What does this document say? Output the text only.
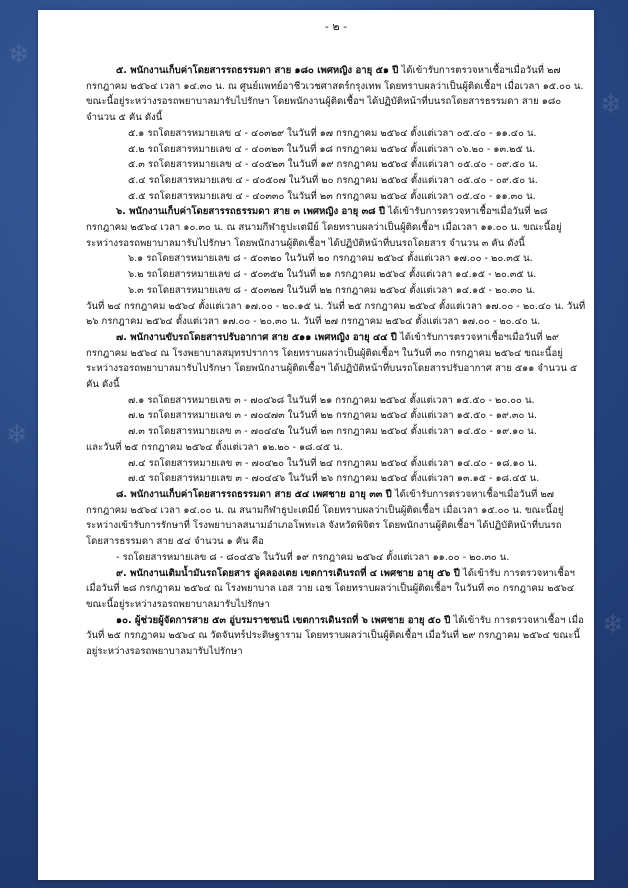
❄
❄
❄
❄
- ๒ -

๕. พนักงานเก็บค่าโดยสารรถธรรมดา สาย ๑๘๐ เพศหญิง อายุ ๕๑ ปี ได้เข้ารับการตรวจหาเชื้อฯเมื่อวันที่ ๒๗ กรกฎาคม ๒๕๖๔ เวลา ๑๔.๓๐ น. ณ ศูนย์แพทย์อาชีวเวชศาสตร์กรุงเทพ โดยทราบผลว่าเป็นผู้ติดเชื้อฯ เมื่อเวลา ๑๕.๐๐ น. ขณะนี้อยู่ระหว่างรอรถพยาบาลมารับไปรักษา โดยพนักงานผู้ติดเชื้อฯ ได้ปฏิบัติหน้าที่บนรถโดยสารธรรมดา สาย ๑๘๐ จำนวน ๕ คัน ดังนี้

๕.๑ รถโดยสารหมายเลข ๔ - ๔๐๓๒๙ ในวันที่ ๑๗ กรกฎาคม ๒๕๖๔ ตั้งแต่เวลา ๐๕.๔๐ - ๑๑.๔๐ น.

๕.๒ รถโดยสารหมายเลข ๔ - ๔๐๓๒๓ ในวันที่ ๑๘ กรกฎาคม ๒๕๖๔ ตั้งแต่เวลา ๐๖.๒๐ - ๑๓.๒๕ น.

๕.๓ รถโดยสารหมายเลข ๔ - ๔๐๕๒๓ ในวันที่ ๑๙ กรกฎาคม ๒๕๖๔ ตั้งแต่เวลา ๐๕.๔๐ - ๐๙.๕๐ น.

๕.๔ รถโดยสารหมายเลข ๔ - ๔๐๕๐๗ ในวันที่ ๒๐ กรกฎาคม ๒๕๖๔ ตั้งแต่เวลา ๐๕.๔๐ - ๐๙.๕๐ น.

๕.๕ รถโดยสารหมายเลข ๔ - ๔๐๓๓๐ ในวันที่ ๒๓ กรกฎาคม ๒๕๖๔ ตั้งแต่เวลา ๐๕.๔๐ - ๑๑.๓๐ น.

๖. พนักงานเก็บค่าโดยสารรถธรรมดา สาย ๓ เพศหญิง อายุ ๓๘ ปี ได้เข้ารับการตรวจหาเชื้อฯเมื่อวันที่ ๒๘ กรกฎาคม ๒๕๖๔ เวลา ๑๐.๓๐ น. ณ สนามกีฬาธูปะเตมีย์ โดยทราบผลว่าเป็นผู้ติดเชื้อฯ เมื่อเวลา ๑๑.๐๐ น. ขณะนี้อยู่ระหว่างรอรถพยาบาลมารับไปรักษา โดยพนักงานผู้ติดเชื้อฯ ได้ปฏิบัติหน้าที่บนรถโดยสาร จำนวน ๓ คัน ดังนี้

๖.๑ รถโดยสารหมายเลข ๘ - ๕๐๓๒๐ ในวันที่ ๒๐ กรกฎาคม ๒๕๖๔ ตั้งแต่เวลา ๑๗.๐๐ - ๒๐.๓๕ น.

๖.๒ รถโดยสารหมายเลข ๘ - ๕๐๓๕๒ ในวันที่ ๒๑ กรกฎาคม ๒๕๖๔ ตั้งแต่เวลา ๑๔.๑๕ - ๒๐.๓๕ น.

๖.๓ รถโดยสารหมายเลข ๘ - ๕๐๓๒๗ ในวันที่ ๒๒ กรกฎาคม ๒๕๖๔ ตั้งแต่เวลา ๑๔.๑๕ - ๒๐.๓๐ น.

วันที่ ๒๔ กรกฎาคม ๒๕๖๔ ตั้งแต่เวลา ๑๗.๐๐ - ๒๐.๑๕ น. วันที่ ๒๕ กรกฎาคม ๒๕๖๔ ตั้งแต่เวลา ๑๗.๐๐ - ๒๐.๔๐ น. วันที่ ๒๖ กรกฎาคม ๒๕๖๔ ตั้งแต่เวลา ๑๗.๐๐ - ๒๐.๓๐ น. วันที่ ๒๗ กรกฎาคม ๒๕๖๔ ตั้งแต่เวลา ๑๗.๐๐ - ๒๐.๔๐ น.

๗. พนักงานขับรถโดยสารปรับอากาศ สาย ๕๑๑ เพศหญิง อายุ ๔๔ ปี ได้เข้ารับการตรวจหาเชื้อฯเมื่อวันที่ ๒๙ กรกฎาคม ๒๕๖๔ ณ โรงพยาบาลสมุทรปราการ โดยทราบผลว่าเป็นผู้ติดเชื้อฯ ในวันที่ ๓๐ กรกฎาคม ๒๕๖๔ ขณะนี้อยู่ระหว่างรอรถพยาบาลมารับไปรักษา โดยพนักงานผู้ติดเชื้อฯ ได้ปฏิบัติหน้าที่บนรถโดยสารปรับอากาศ สาย ๕๑๑ จำนวน ๕ คัน ดังนี้

๗.๑ รถโดยสารหมายเลข ๓ - ๗๐๔๖๘ ในวันที่ ๒๑ กรกฎาคม ๒๕๖๔ ตั้งแต่เวลา ๑๕.๕๐ - ๒๐.๐๐ น.

๗.๒ รถโดยสารหมายเลข ๓ - ๗๐๔๗๓ ในวันที่ ๒๒ กรกฎาคม ๒๕๖๔ ตั้งแต่เวลา ๑๕.๕๐ - ๑๙.๓๐ น.

๗.๓ รถโดยสารหมายเลข ๓ - ๗๐๔๔๒ ในวันที่ ๒๓ กรกฎาคม ๒๕๖๔ ตั้งแต่เวลา ๑๔.๕๐ - ๑๙.๑๐ น.

และวันที่ ๒๕ กรกฎาคม ๒๕๖๔ ตั้งแต่เวลา ๑๒.๒๐ - ๑๘.๔๕ น.

๗.๔ รถโดยสารหมายเลข ๓ - ๗๐๔๒๐ ในวันที่ ๒๔ กรกฎาคม ๒๕๖๔ ตั้งแต่เวลา ๑๔.๔๐ - ๑๘.๑๐ น.

๗.๕ รถโดยสารหมายเลข ๓ - ๗๐๔๔๖ ในวันที่ ๒๖ กรกฎาคม ๒๕๖๔ ตั้งแต่เวลา ๑๓.๑๕ - ๑๘.๔๕ น.

๘. พนักงานเก็บค่าโดยสารรถธรรมดา สาย ๕๔ เพศชาย อายุ ๓๓ ปี ได้เข้ารับการตรวจหาเชื้อฯเมื่อวันที่ ๒๗ กรกฎาคม ๒๕๖๔ เวลา ๑๔.๐๐ น. ณ สนามกีฬาธูปะเตมีย์ โดยทราบผลว่าเป็นผู้ติดเชื้อฯ เมื่อเวลา ๑๕.๐๐ น. ขณะนี้อยู่ระหว่างเข้ารับการรักษาที่ โรงพยาบาลสนามอำเภอโพทะเล จังหวัดพิจิตร โดยพนักงานผู้ติดเชื้อฯ ได้ปฏิบัติหน้าที่บนรถโดยสารธรรมดา สาย ๕๔ จำนวน ๑ คัน คือ

- รถโดยสารหมายเลข ๘ - ๘๐๔๕๖ ในวันที่ ๑๙ กรกฎาคม ๒๕๖๔ ตั้งแต่เวลา ๑๑.๐๐ - ๒๐.๓๐ น.

๙. พนักงานเติมน้ำมันรถโดยสาร อู่คลองเตย เขตการเดินรถที่ ๔ เพศชาย อายุ ๕๖ ปี ได้เข้ารับ การตรวจหาเชื้อฯ เมื่อวันที่ ๒๘ กรกฎาคม ๒๕๖๔ ณ โรงพยาบาล เอส วาย เอช โดยทราบผลว่าเป็นผู้ติดเชื้อฯ ในวันที่ ๓๐ กรกฎาคม ๒๕๖๔ ขณะนี้อยู่ระหว่างรอรถพยาบาลมารับไปรักษา

๑๐. ผู้ช่วยผู้จัดการสาย ๕๓ อู่บรมราชชนนี เขตการเดินรถที่ ๖ เพศชาย อายุ ๕๐ ปี ได้เข้ารับ การตรวจหาเชื้อฯ เมื่อวันที่ ๒๕ กรกฎาคม ๒๕๖๔ ณ วัดจันทร์ประดิษฐาราม โดยทราบผลว่าเป็นผู้ติดเชื้อฯ เมื่อวันที่ ๒๙ กรกฎาคม ๒๕๖๔ ขณะนี้อยู่ระหว่างรอรถพยาบาลมารับไปรักษา
